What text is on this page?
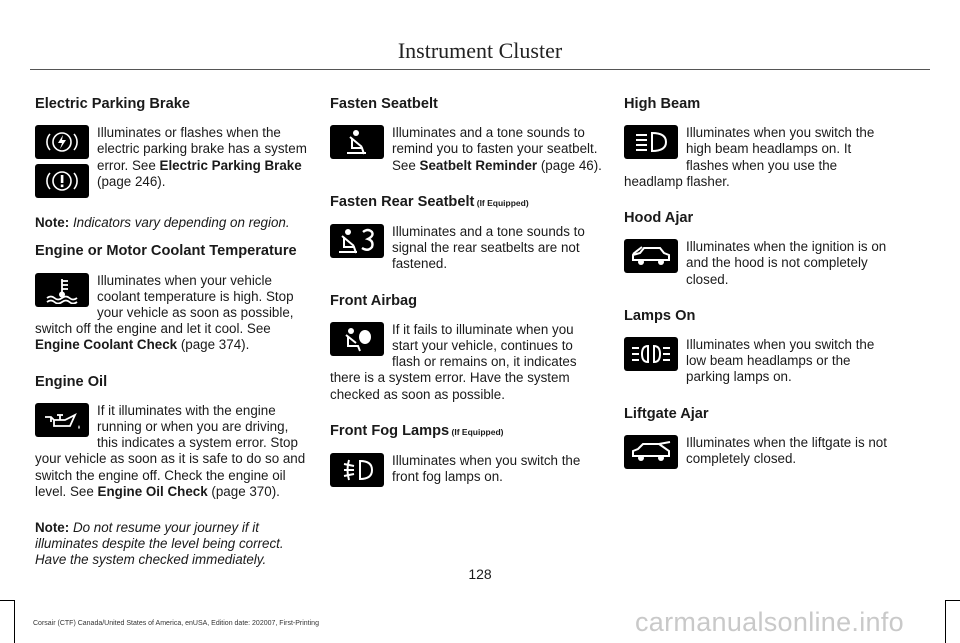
Instrument Cluster
Electric Parking Brake

Illuminates or flashes when the electric parking brake has a system error. See Electric Parking Brake (page 246).

Note: Indicators vary depending on region.

Engine or Motor Coolant Temperature

Illuminates when your vehicle coolant temperature is high. Stop your vehicle as soon as possible, switch off the engine and let it cool. See Engine Coolant Check (page 374).

Engine Oil

If it illuminates with the engine running or when you are driving, this indicates a system error. Stop your vehicle as soon as it is safe to do so and switch the engine off. Check the engine oil level. See Engine Oil Check (page 370).

Note: Do not resume your journey if it illuminates despite the level being correct. Have the system checked immediately.

Fasten Seatbelt

Illuminates and a tone sounds to remind you to fasten your seatbelt. See Seatbelt Reminder (page 46).

Fasten Rear Seatbelt (If Equipped)

Illuminates and a tone sounds to signal the rear seatbelts are not fastened.

Front Airbag

If it fails to illuminate when you start your vehicle, continues to flash or remains on, it indicates there is a system error. Have the system checked as soon as possible.

Front Fog Lamps (If Equipped)

Illuminates when you switch the front fog lamps on.

High Beam

Illuminates when you switch the high beam headlamps on. It flashes when you use the headlamp flasher.

Hood Ajar

Illuminates when the ignition is on and the hood is not completely closed.

Lamps On

Illuminates when you switch the low beam headlamps or the parking lamps on.

Liftgate Ajar

Illuminates when the liftgate is not completely closed.

128
Corsair (CTF) Canada/United States of America, enUSA, Edition date: 202007, First-Printing	carmanualsonline.info
